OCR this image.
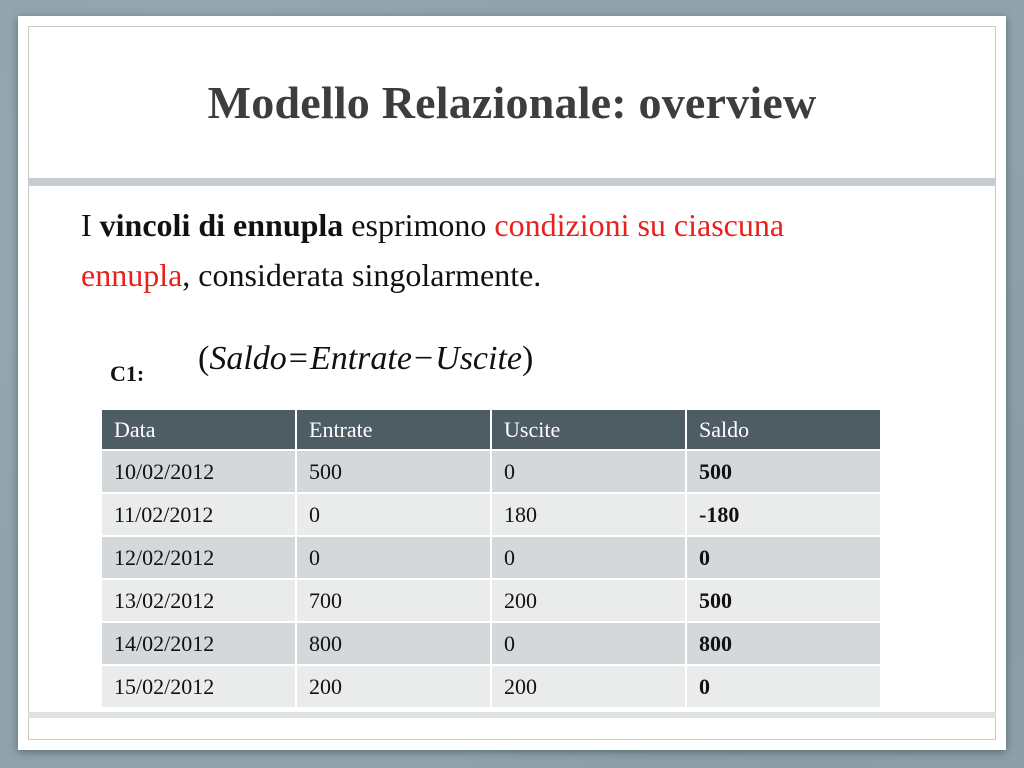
Modello Relazionale: overview
I vincoli di ennupla esprimono condizioni su ciascuna ennupla, considerata singolarmente.
C1: (Saldo=Entrate−Uscite)
Data	Entrate	Uscite	Saldo
10/02/2012	500	0	500
11/02/2012	0	180	-180
12/02/2012	0	0	0
13/02/2012	700	200	500
14/02/2012	800	0	800
15/02/2012	200	200	0
